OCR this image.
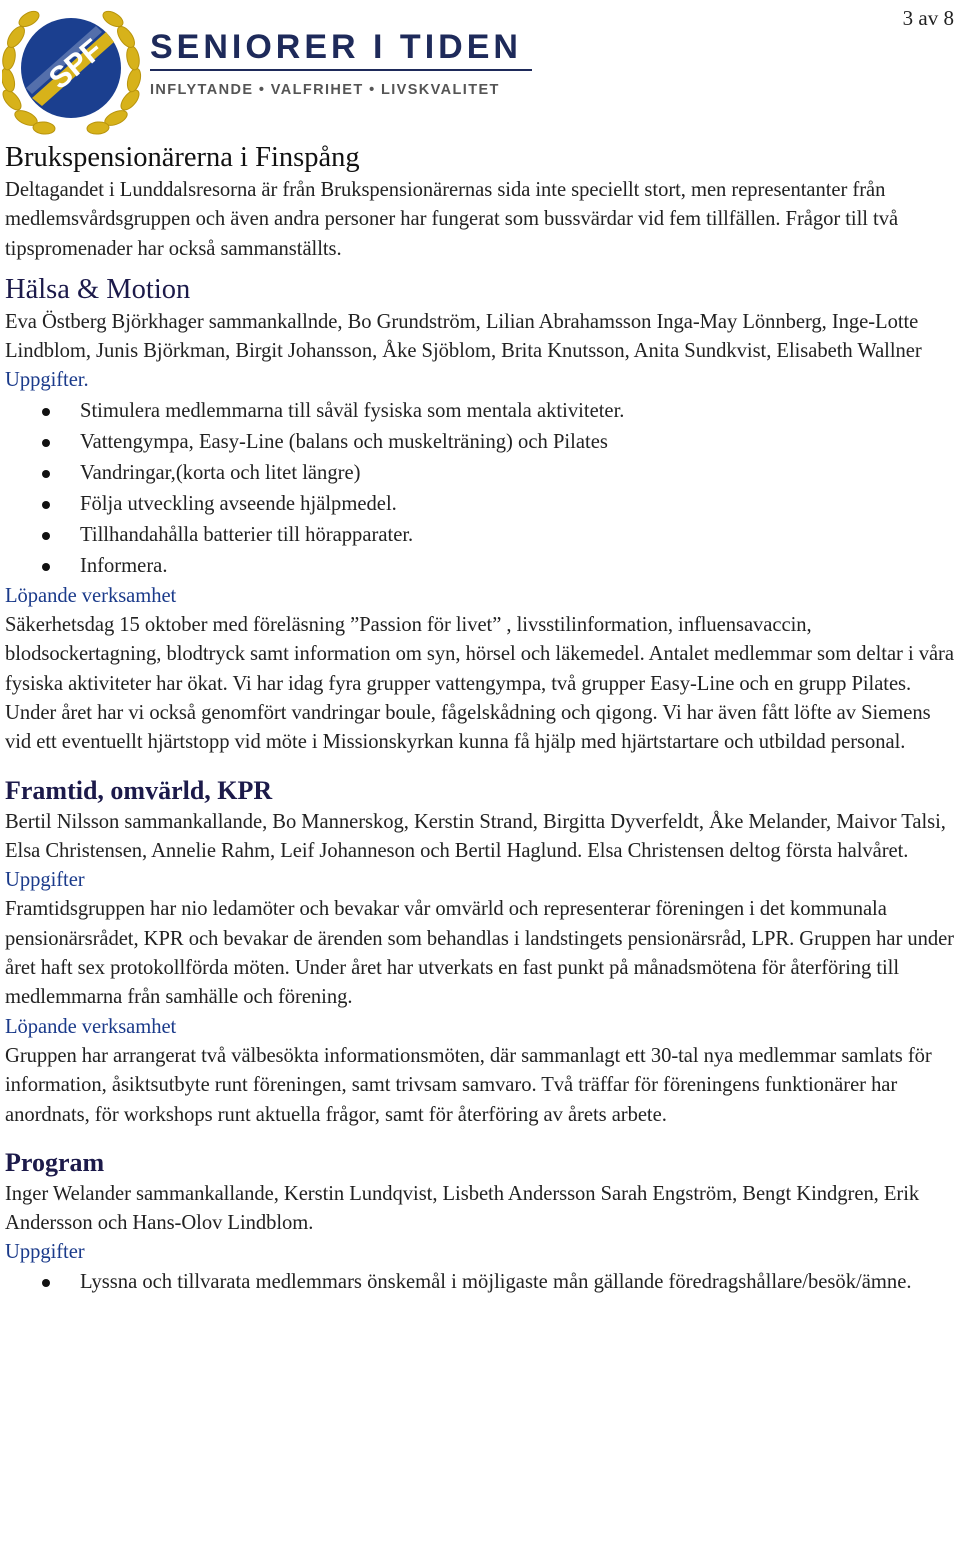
3 av 8
SPF SENIORER I TIDEN
INFLYTANDE • VALFRIHET • LIVSKVALITET
Brukspensionärerna i Finspång

Deltagandet i Lunddalsresorna är från Brukspensionärernas sida inte speciellt stort, men representanter från medlemsvårdsgruppen och även andra personer har fungerat som bussvärdar vid fem tillfällen. Frågor till två tipspromenader har också sammanställts.

Hälsa & Motion

Eva Östberg Björkhager sammankallnde, Bo Grundström, Lilian Abrahamsson Inga-May Lönnberg, Inge-Lotte Lindblom, Junis Björkman, Birgit Johansson, Åke Sjöblom, Brita Knutsson, Anita Sundkvist, Elisabeth Wallner

Uppgifter.

Stimulera medlemmarna till såväl fysiska som mentala aktiviteter.
Vattengympa, Easy-Line (balans och muskelträning) och Pilates
Vandringar,(korta och litet längre)
Följa utveckling avseende hjälpmedel.
Tillhandahålla batterier till hörapparater.
Informera.

Löpande verksamhet

Säkerhetsdag 15 oktober med föreläsning ”Passion för livet” , livsstilinformation, influensavaccin, blodsockertagning, blodtryck samt information om syn, hörsel och läkemedel. Antalet medlemmar som deltar i våra fysiska aktiviteter har ökat. Vi har idag fyra grupper vattengympa, två grupper Easy-Line och en grupp Pilates. Under året har vi också genomfört vandringar boule, fågelskådning och qigong. Vi har även fått löfte av Siemens vid ett eventuellt hjärtstopp vid möte i Missionskyrkan kunna få hjälp med hjärtstartare och utbildad personal.

Framtid, omvärld, KPR

Bertil Nilsson sammankallande, Bo Mannerskog, Kerstin Strand, Birgitta Dyverfeldt, Åke Melander, Maivor Talsi, Elsa Christensen, Annelie Rahm, Leif Johanneson och Bertil Haglund. Elsa Christensen deltog första halvåret.

Uppgifter

Framtidsgruppen har nio ledamöter och bevakar vår omvärld och representerar föreningen i det kommunala pensionärsrådet, KPR och bevakar de ärenden som behandlas i landstingets pensionärsråd, LPR. Gruppen har under året haft sex protokollförda möten. Under året har utverkats en fast punkt på månadsmötena för återföring till medlemmarna från samhälle och förening.

Löpande verksamhet

Gruppen har arrangerat två välbesökta informationsmöten, där sammanlagt ett 30-tal nya medlemmar samlats för information, åsiktsutbyte runt föreningen, samt trivsam samvaro. Två träffar för föreningens funktionärer har anordnats, för workshops runt aktuella frågor, samt för återföring av årets arbete.

Program

Inger Welander sammankallande, Kerstin Lundqvist, Lisbeth Andersson Sarah Engström, Bengt Kindgren, Erik Andersson och Hans-Olov Lindblom.

Uppgifter

Lyssna och tillvarata medlemmars önskemål i möjligaste mån gällande föredragshållare/besök/ämne.
